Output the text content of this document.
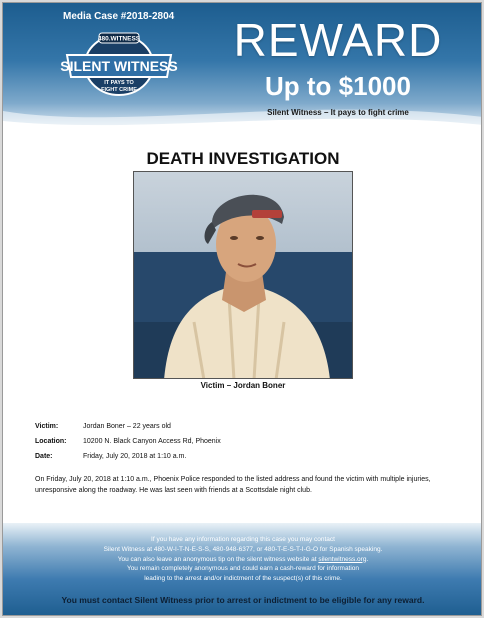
Media Case #2018-2804
480.WITNESS
SILENT WITNESS
IT PAYS TO
FIGHT CRIME
REWARD
Up to $1000
Silent Witness – It pays to fight crime
DEATH INVESTIGATION
Victim – Jordan Boner
Victim:	Jordan Boner – 22 years old
Location:	10200 N. Black Canyon Access Rd, Phoenix
Date:	Friday, July 20, 2018 at 1:10 a.m.
On Friday, July 20, 2018 at 1:10 a.m., Phoenix Police responded to the listed address and found the victim with multiple injuries, unresponsive along the roadway. He was last seen with friends at a Scottsdale night club.
If you have any information regarding this case you may contact
Silent Witness at 480-W-I-T-N-E-S-S, 480-948-6377, or 480-T-E-S-T-I-G-O for Spanish speaking.
You can also leave an anonymous tip on the silent witness website at silentwitness.org.
You remain completely anonymous and could earn a cash-reward for information
leading to the arrest and/or indictment of the suspect(s) of this crime.
You must contact Silent Witness prior to arrest or indictment to be eligible for any reward.
